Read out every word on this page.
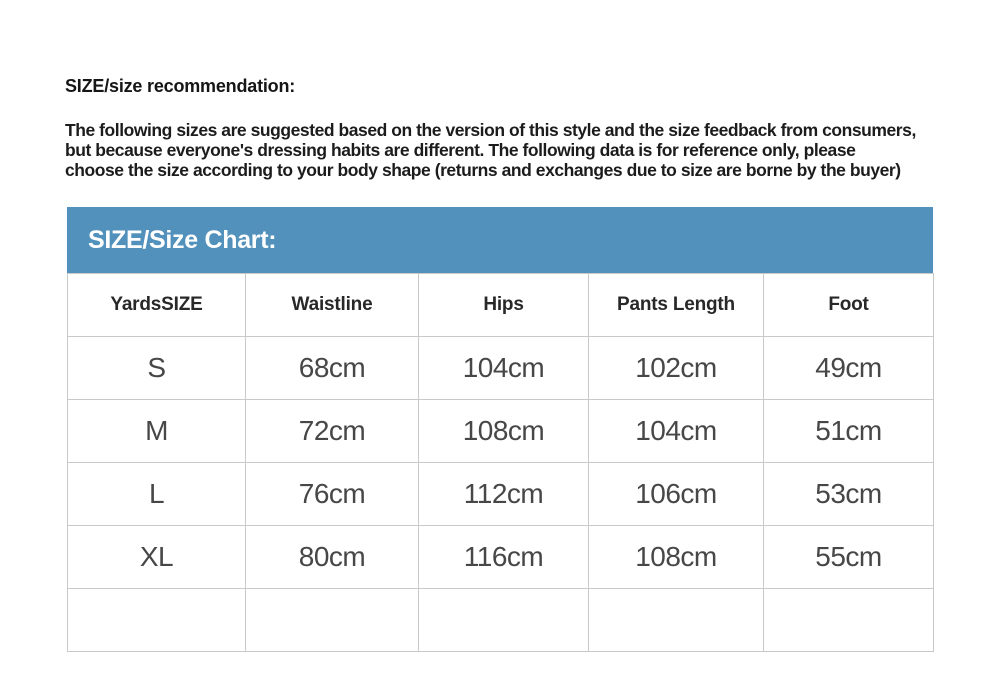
SIZE/size recommendation:
The following sizes are suggested based on the version of this style and the size feedback from consumers,
but because everyone's dressing habits are different. The following data is for reference only, please
choose the size according to your body shape (returns and exchanges due to size are borne by the buyer)
SIZE/Size Chart:
YardsSIZE	Waistline	Hips	Pants Length	Foot
S	68cm	104cm	102cm	49cm
M	72cm	108cm	104cm	51cm
L	76cm	112cm	106cm	53cm
XL	80cm	116cm	108cm	55cm
